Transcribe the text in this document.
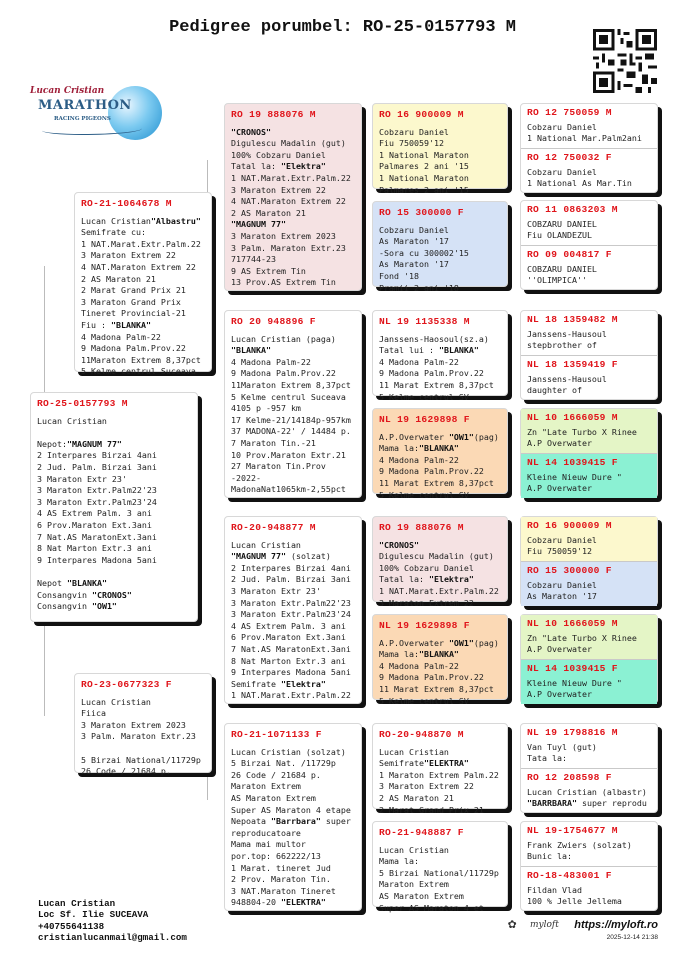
Pedigree porumbel: RO-25-0157793 M
Lucan Cristian
MARATHON
RACING PIGEONS
RO-25-0157793 M
Lucan Cristian

Nepot:"MAGNUM 77"
2 Interpares Birzai 4ani
2 Jud. Palm. Birzai 3ani
3 Maraton Extr 23'
3 Maraton Extr.Palm22'23
3 Maraton Extr.Palm23'24
4 AS Extrem Palm. 3 ani
6 Prov.Maraton Ext.3ani
7 Nat.AS MaratonExt.3ani
8 Nat Marton Extr.3 ani
9 Interpares Madona 5ani

Nepot "BLANKA"
Consangvin "CRONOS"
Consangvin "OW1"
RO-21-1064678 M
Lucan Cristian"Albastru"
Semifrate cu:
1 NAT.Marat.Extr.Palm.22
3 Maraton Extrem 22
4 NAT.Maraton Extrem 22
2 AS Maraton 21
2 Marat Grand Prix 21
3 Maraton Grand Prix
Tineret Provincial-21
Fiu : "BLANKA"
4 Madona Palm-22
9 Madona Palm.Prov.22
11Maraton Extrem 8,37pct
5 Kelme centrul Suceava
RO-23-0677323 F
Lucan Cristian
Fiica
3 Maraton Extrem 2023
3 Palm. Maraton Extr.23

5 Birzai National/11729p
26 Code / 21684 p.
RO 19 888076 M
"CRONOS"
Digulescu Madalin (gut)
100% Cobzaru Daniel
Tatal la: "Elektra"
1 NAT.Marat.Extr.Palm.22
3 Maraton Extrem 22
4 NAT.Maraton Extrem 22
2 AS Maraton 21
"MAGNUM 77"
3 Maraton Extrem 2023
3 Palm. Maraton Extr.23
717744-23
9 AS Extrem Tin
13 Prov.AS Extrem Tin
RO 20 948896 F
Lucan Cristian (paga)
"BLANKA"
4 Madona Palm-22
9 Madona Palm.Prov.22
11Maraton Extrem 8,37pct
5 Kelme centrul Suceava
4105 p -957 km
17 Kelme-21/14184p-957km
37 MADONA-22' / 14484 p.
7 Maraton Tin.-21
10 Prov.Maraton Extr.21
27 Maraton Tin.Prov
-2022-
MadonaNat1065km-2,55pct
RO-20-948877 M
Lucan Cristian
"MAGNUM 77" (solzat)
2 Interpares Birzai 4ani
2 Jud. Palm. Birzai 3ani
3 Maraton Extr 23'
3 Maraton Extr.Palm22'23
3 Maraton Extr.Palm23'24
4 AS Extrem Palm. 3 ani
6 Prov.Maraton Ext.3ani
7 Nat.AS MaratonExt.3ani
8 Nat Marton Extr.3 ani
9 Interpares Madona 5ani
Semifrate "Elektra"
1 NAT.Marat.Extr.Palm.22
RO-21-1071133 F
Lucan Cristian (solzat)
5 Birzai Nat. /11729p
26 Code / 21684 p.
Maraton Extrem
AS Maraton Extrem
Super AS Maraton 4 etape
Nepoata "Barrbara" super
reproducatoare
Mama mai multor
por.top: 662222/13
1 Marat. tineret Jud
2 Prov. Maraton Tin.
3 NAT.Maraton Tineret
948804-20 "ELEKTRA"
RO 16 900009 M
Cobzaru Daniel
Fiu 750059'12
1 National Maraton
Palmares 2 ani '15
1 National Maraton
Palmares 2 ani '15
RO 15 300000 F
Cobzaru Daniel
As Maraton '17
-Sora cu 300002'15
As Maraton '17
Fond '18
Pramii 2 ani '18
NL 19 1135338 M
Janssens-Haosoul(sz.a)
Tatal lui : "BLANKA"
4 Madona Palm-22
9 Madona Palm.Prov.22
11 Marat Extrem 8,37pct
5 Kelme centrul SV
NL 19 1629898 F
A.P.Overwater "OW1"(pag)
Mama la:"BLANKA"
4 Madona Palm-22
9 Madona Palm.Prov.22
11 Marat Extrem 8,37pct
5 Kelme centrul SV
RO 19 888076 M
"CRONOS"
Digulescu Madalin (gut)
100% Cobzaru Daniel
Tatal la: "Elektra"
1 NAT.Marat.Extr.Palm.22
3 Maraton Extrem 22
NL 19 1629898 F
A.P.Overwater "OW1"(pag)
Mama la:"BLANKA"
4 Madona Palm-22
9 Madona Palm.Prov.22
11 Marat Extrem 8,37pct
5 Kelme centrul SV
RO-20-948870 M
Lucan Cristian
Semifrate"ELEKTRA"
1 Maraton Extrem Palm.22
3 Maraton Extrem 22
2 AS Maraton 21
2 Marat Grand Prix 21
RO-21-948887 F
Lucan Cristian
Mama la:
5 Birzai National/11729p
Maraton Extrem
AS Maraton Extrem
Super AS Maraton 4 et
RO 12 750059 M
Cobzaru Daniel
1 National Mar.Palm2ani
RO 12 750032 F
Cobzaru Daniel
1 National As Mar.Tin
RO 11 0863203 M
COBZARU DANIEL
Fiu OLANDEZUL
RO 09 004817 F
COBZARU DANIEL
''OLIMPICA''
NL 18 1359482 M
Janssens-Hausoul
stepbrother of
NL 18 1359419 F
Janssens-Hausoul
daughter of
NL 10 1666059 M
Zn "Late Turbo X Rinee
A.P Overwater
NL 14 1039415 F
Kleine Nieuw Dure "
A.P Overwater
RO 16 900009 M
Cobzaru Daniel
Fiu 750059'12
RO 15 300000 F
Cobzaru Daniel
As Maraton '17
NL 10 1666059 M
Zn "Late Turbo X Rinee
A.P Overwater
NL 14 1039415 F
Kleine Nieuw Dure "
A.P Overwater
NL 19 1798816 M
Van Tuyl (gut)
Tata la:
RO 12 208598 F
Lucan Cristian (albastr)
"BARRBARA" super reprodu
NL 19-1754677 M
Frank Zwiers (solzat)
Bunic la:
RO-18-483001 F
Fildan Vlad
100 % Jelle Jellema
Lucan Cristian
Loc Sf. Ilie SUCEAVA
+40755641138
cristianlucanmail@gmail.com
✿ myloft https://myloft.ro
2025-12-14 21:38
